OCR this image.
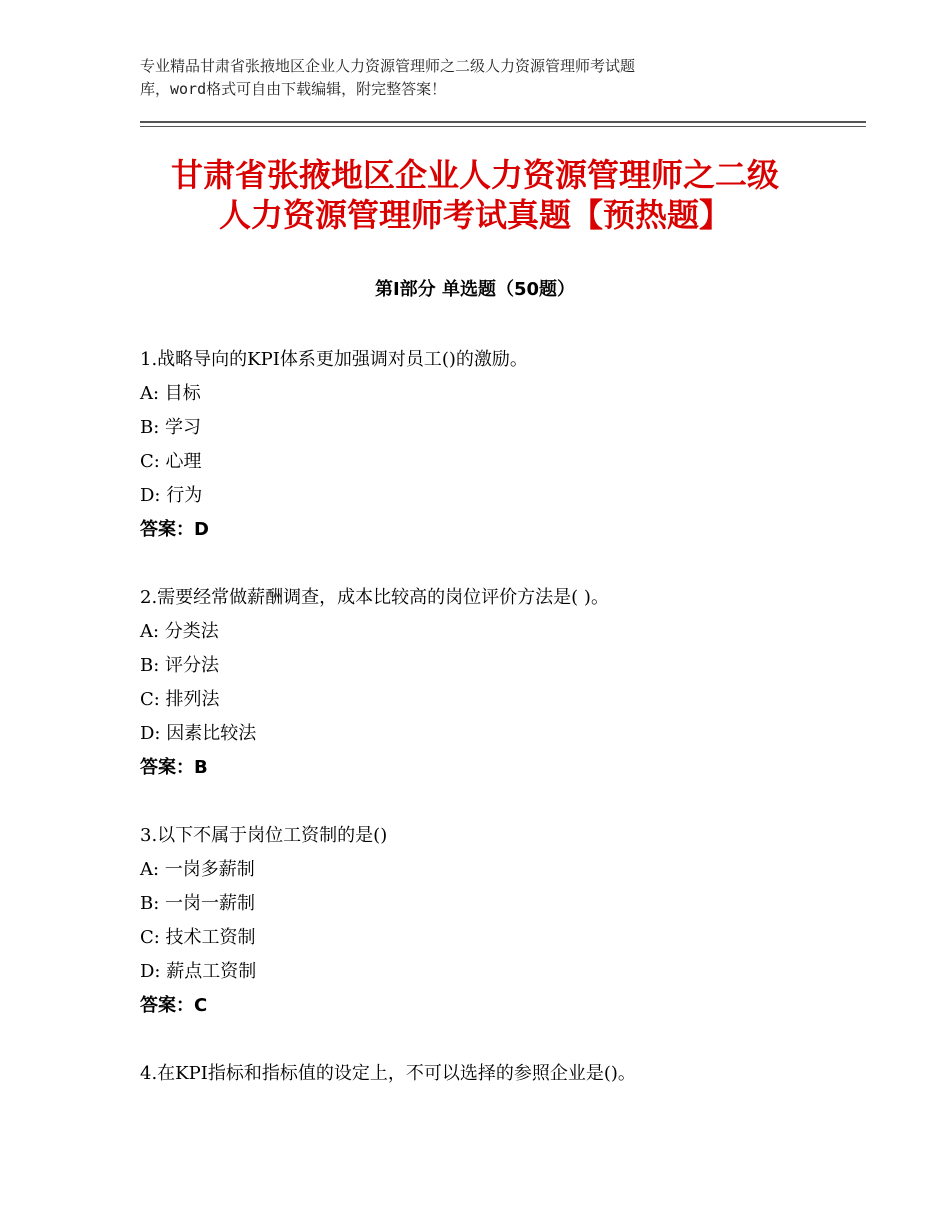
专业精品甘肃省张掖地区企业人力资源管理师之二级人力资源管理师考试题
库，word格式可自由下载编辑，附完整答案！
甘肃省张掖地区企业人力资源管理师之二级
人力资源管理师考试真题【预热题】
第Ⅰ部分 单选题（50题）
1.战略导向的KPI体系更加强调对员工()的激励。
A: 目标
B: 学习
C: 心理
D: 行为
答案：D
2.需要经常做薪酬调查，成本比较高的岗位评价方法是( )。
A: 分类法
B: 评分法
C: 排列法
D: 因素比较法
答案：B
3.以下不属于岗位工资制的是()
A: 一岗多薪制
B: 一岗一薪制
C: 技术工资制
D: 薪点工资制
答案：C
4.在KPI指标和指标值的设定上，不可以选择的参照企业是()。
